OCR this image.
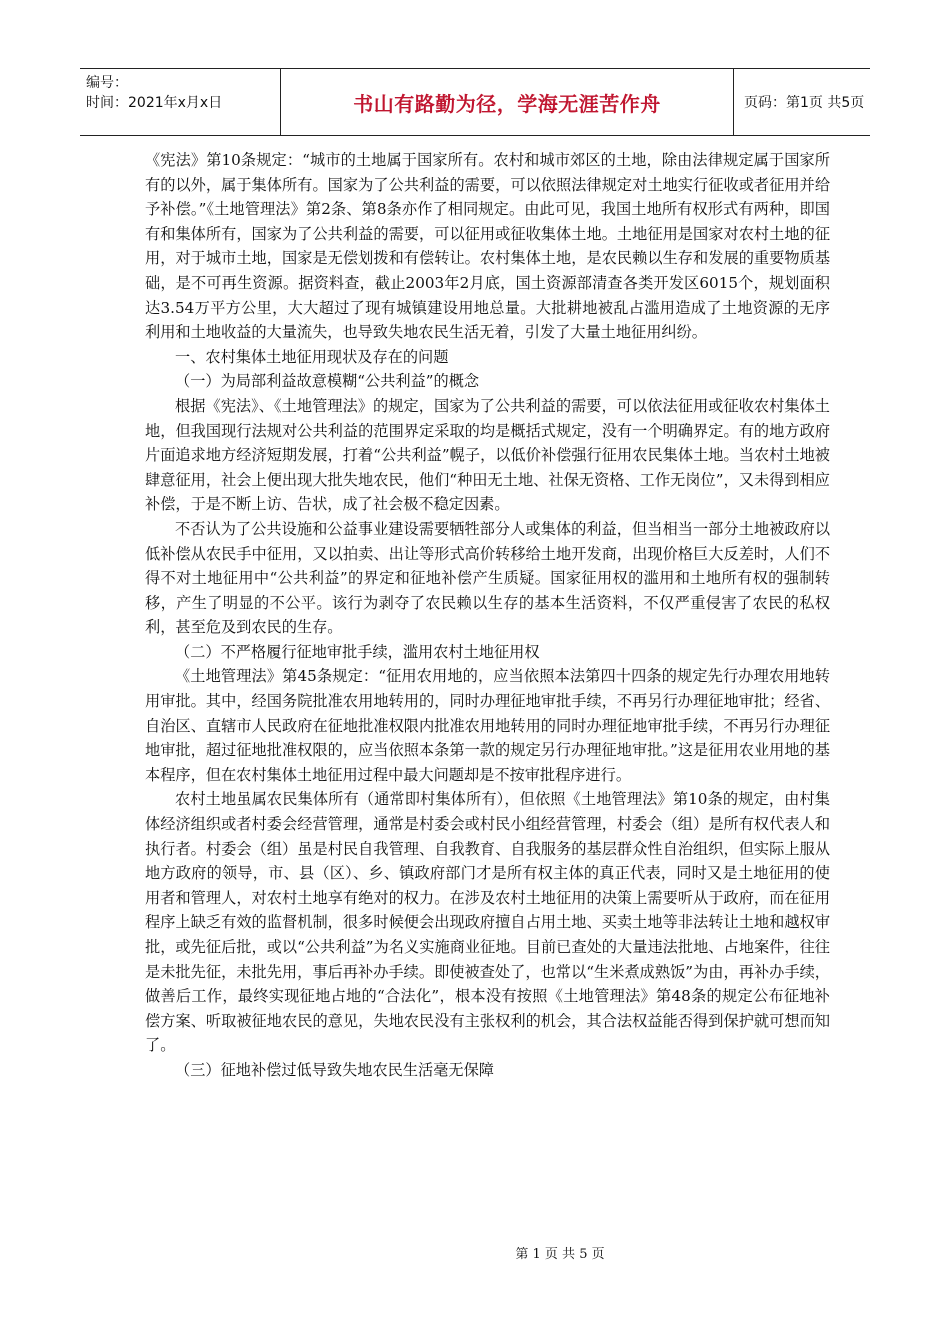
编号：
时间：2021年x月x日	书山有路勤为径，学海无涯苦作舟	页码：第1页 共5页

《宪法》第10条规定：“城市的土地属于国家所有。农村和城市郊区的土地，除由法律规定属于国家所有的以外，属于集体所有。国家为了公共利益的需要，可以依照法律规定对土地实行征收或者征用并给予补偿。”《土地管理法》第2条、第8条亦作了相同规定。由此可见，我国土地所有权形式有两种，即国有和集体所有，国家为了公共利益的需要，可以征用或征收集体土地。土地征用是国家对农村土地的征用，对于城市土地，国家是无偿划拨和有偿转让。农村集体土地，是农民赖以生存和发展的重要物质基础，是不可再生资源。据资料查，截止2003年2月底，国土资源部清查各类开发区6015个，规划面积达3.54万平方公里，大大超过了现有城镇建设用地总量。大批耕地被乱占滥用造成了土地资源的无序利用和土地收益的大量流失，也导致失地农民生活无着，引发了大量土地征用纠纷。

一、农村集体土地征用现状及存在的问题

（一）为局部利益故意模糊“公共利益”的概念

根据《宪法》、《土地管理法》的规定，国家为了公共利益的需要，可以依法征用或征收农村集体土地，但我国现行法规对公共利益的范围界定采取的均是概括式规定，没有一个明确界定。有的地方政府片面追求地方经济短期发展，打着“公共利益”幌子，以低价补偿强行征用农民集体土地。当农村土地被肆意征用，社会上便出现大批失地农民，他们“种田无土地、社保无资格、工作无岗位”，又未得到相应补偿，于是不断上访、告状，成了社会极不稳定因素。

不否认为了公共设施和公益事业建设需要牺牲部分人或集体的利益，但当相当一部分土地被政府以低补偿从农民手中征用，又以拍卖、出让等形式高价转移给土地开发商，出现价格巨大反差时，人们不得不对土地征用中“公共利益”的界定和征地补偿产生质疑。国家征用权的滥用和土地所有权的强制转移，产生了明显的不公平。该行为剥夺了农民赖以生存的基本生活资料，不仅严重侵害了农民的私权利，甚至危及到农民的生存。

（二）不严格履行征地审批手续，滥用农村土地征用权

《土地管理法》第45条规定：“征用农用地的，应当依照本法第四十四条的规定先行办理农用地转用审批。其中，经国务院批准农用地转用的，同时办理征地审批手续，不再另行办理征地审批；经省、自治区、直辖市人民政府在征地批准权限内批准农用地转用的同时办理征地审批手续，不再另行办理征地审批，超过征地批准权限的，应当依照本条第一款的规定另行办理征地审批。”这是征用农业用地的基本程序，但在农村集体土地征用过程中最大问题却是不按审批程序进行。

农村土地虽属农民集体所有（通常即村集体所有），但依照《土地管理法》第10条的规定，由村集体经济组织或者村委会经营管理，通常是村委会或村民小组经营管理，村委会（组）是所有权代表人和执行者。村委会（组）虽是村民自我管理、自我教育、自我服务的基层群众性自治组织，但实际上服从地方政府的领导，市、县（区）、乡、镇政府部门才是所有权主体的真正代表，同时又是土地征用的使用者和管理人，对农村土地享有绝对的权力。在涉及农村土地征用的决策上需要听从于政府，而在征用程序上缺乏有效的监督机制，很多时候便会出现政府擅自占用土地、买卖土地等非法转让土地和越权审批，或先征后批，或以“公共利益”为名义实施商业征地。目前已查处的大量违法批地、占地案件，往往是未批先征，未批先用，事后再补办手续。即使被查处了，也常以“生米煮成熟饭”为由，再补办手续，做善后工作，最终实现征地占地的“合法化”，根本没有按照《土地管理法》第48条的规定公布征地补偿方案、听取被征地农民的意见，失地农民没有主张权利的机会，其合法权益能否得到保护就可想而知了。

（三）征地补偿过低导致失地农民生活毫无保障

第 1 页 共 5 页
